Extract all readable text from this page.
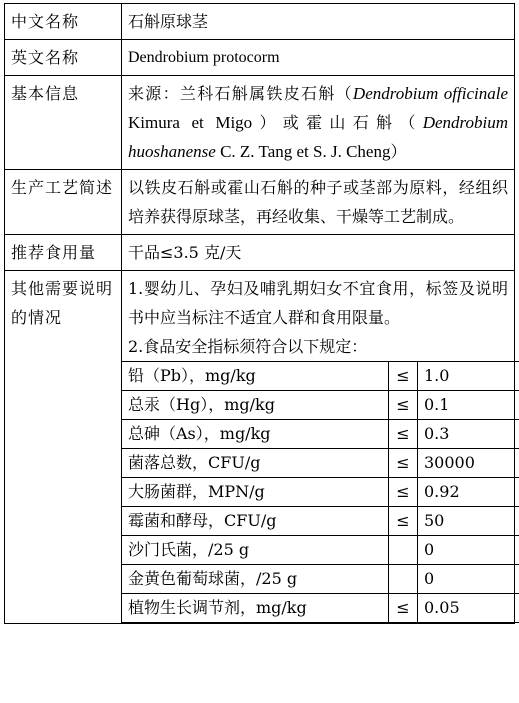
中文名称	石斛原球茎
英文名称	Dendrobium protocorm
基本信息	来源：兰科石斛属铁皮石斛（Dendrobium officinale Kimura et Migo）或霍山石斛（Dendrobium huoshanense C. Z. Tang et S. J. Cheng）
生产工艺简述	以铁皮石斛或霍山石斛的种子或茎部为原料，经组织培养获得原球茎，再经收集、干燥等工艺制成。
推荐食用量	干品≤3.5 克/天
其他需要说明的情况	
1.婴幼儿、孕妇及哺乳期妇女不宜食用，标签及说明书中应当标注不适宜人群和食用限量。
2.食品安全指标须符合以下规定：
铅（Pb），mg/kg	≤	1.0
总汞（Hg），mg/kg	≤	0.1
总砷（As），mg/kg	≤	0.3
菌落总数，CFU/g	≤	30000
大肠菌群，MPN/g	≤	0.92
霉菌和酵母，CFU/g	≤	50
沙门氏菌，/25 g		0
金黄色葡萄球菌，/25 g		0
植物生长调节剂，mg/kg	≤	0.05
